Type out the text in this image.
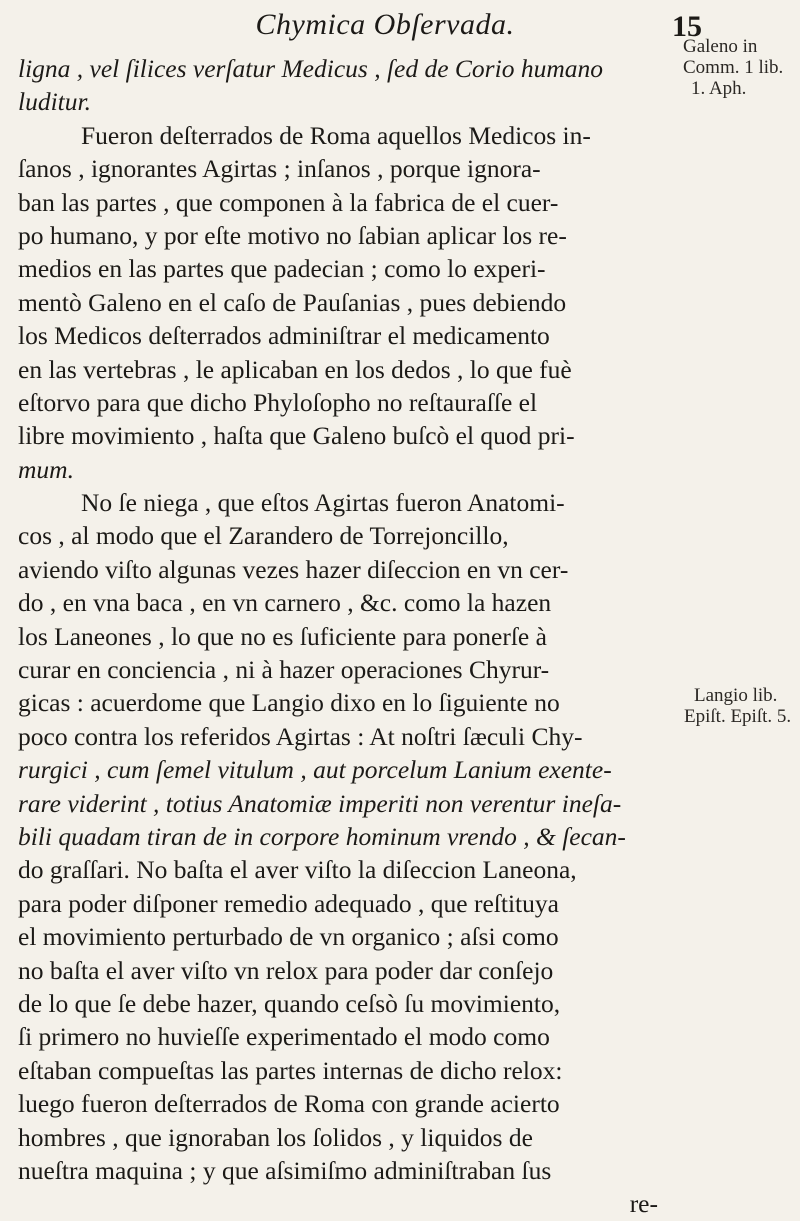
Chymica Obſervada.	15
ligna , vel ſilices verſatur Medicus , ſed de Corio humano
luditur.
Fueron deſterrados de Roma aquellos Medicos in-
ſanos , ignorantes Agirtas ; inſanos , porque ignora-
ban las partes , que componen à la fabrica de el cuer-
po humano, y por eſte motivo no ſabian aplicar los re-
medios en las partes que padecian ; como lo experi-
mentò Galeno en el caſo de Pauſanias , pues debiendo
los Medicos deſterrados adminiſtrar el medicamento
en las vertebras , le aplicaban en los dedos , lo que fuè
eſtorvo para que dicho Phyloſopho no reſtauraſſe el
libre movimiento , haſta que Galeno buſcò el quod pri-
mum.
No ſe niega , que eſtos Agirtas fueron Anatomi-
cos , al modo que el Zarandero de Torrejoncillo,
aviendo viſto algunas vezes hazer diſeccion en vn cer-
do , en vna baca , en vn carnero , &c. como la hazen
los Laneones , lo que no es ſuficiente para ponerſe à
curar en conciencia , ni à hazer operaciones Chyrur-
gicas : acuerdome que Langio dixo en lo ſiguiente no
poco contra los referidos Agirtas : At noſtri ſæculi Chy-
rurgici , cum ſemel vitulum , aut porcelum Lanium exente-
rare viderint , totius Anatomiæ imperiti non verentur ineſa-
bili quadam tiran de in corpore hominum vrendo , & ſecan-
do graſſari. No baſta el aver viſto la diſeccion Laneona,
para poder diſponer remedio adequado , que reſtituya
el movimiento perturbado de vn organico ; aſsi como
no baſta el aver viſto vn relox para poder dar conſejo
de lo que ſe debe hazer, quando ceſsò ſu movimiento,
ſi primero no huvieſſe experimentado el modo como
eſtaban compueſtas las partes internas de dicho relox:
luego fueron deſterrados de Roma con grande acierto
hombres , que ignoraban los ſolidos , y liquidos de
nueſtra maquina ; y que aſsimiſmo adminiſtraban ſus
re-
Galeno in
Comm. 1 lib.
1. Aph.
Langio lib.
Epiſt. Epiſt. 5.
